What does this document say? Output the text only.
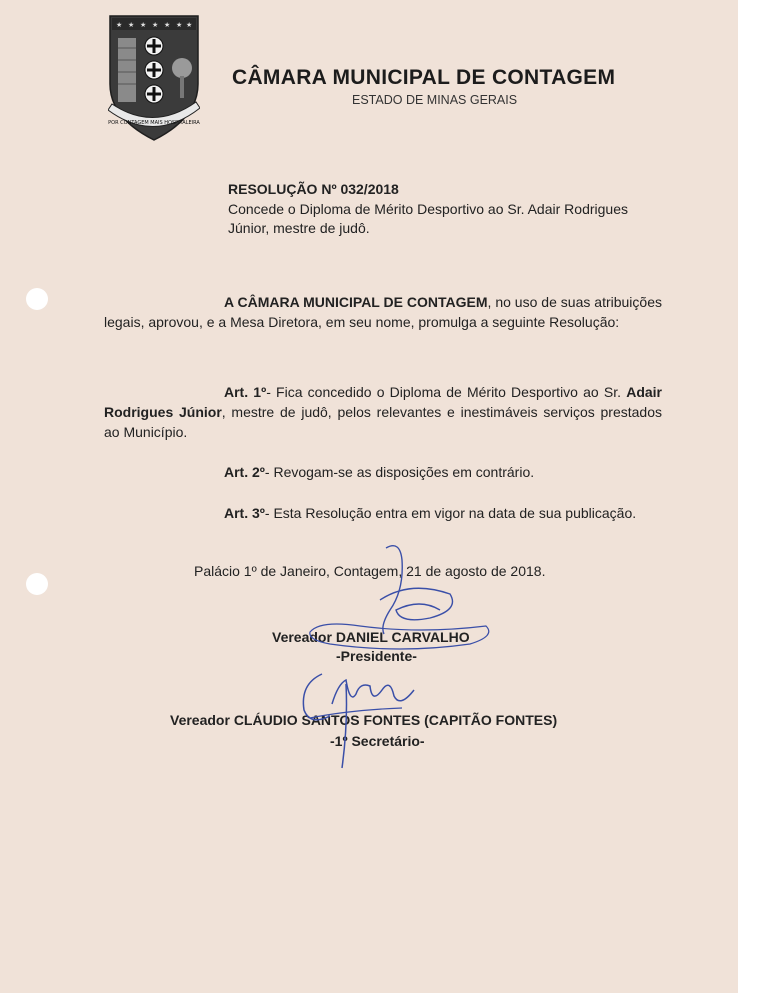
★ ★ ★ ★ ★ ★ ★
POR CONTAGEM MAIS HOSPITALEIRA
CÂMARA MUNICIPAL DE CONTAGEM
ESTADO DE MINAS GERAIS
RESOLUÇÃO Nº 032/2018
Concede o Diploma de Mérito Desportivo ao Sr. Adair Rodrigues Júnior, mestre de judô.
A CÂMARA MUNICIPAL DE CONTAGEM, no uso de suas atribuições legais, aprovou, e a Mesa Diretora, em seu nome, promulga a seguinte Resolução:
Art. 1º- Fica concedido o Diploma de Mérito Desportivo ao Sr. Adair Rodrigues Júnior, mestre de judô, pelos relevantes e inestimáveis serviços prestados ao Município.
Art. 2º- Revogam-se as disposições em contrário.
Art. 3º- Esta Resolução entra em vigor na data de sua publicação.
Palácio 1º de Janeiro, Contagem, 21 de agosto de 2018.
Vereador DANIEL CARVALHO
-Presidente-
Vereador CLÁUDIO SANTOS FONTES (CAPITÃO FONTES)
-1º Secretário-
